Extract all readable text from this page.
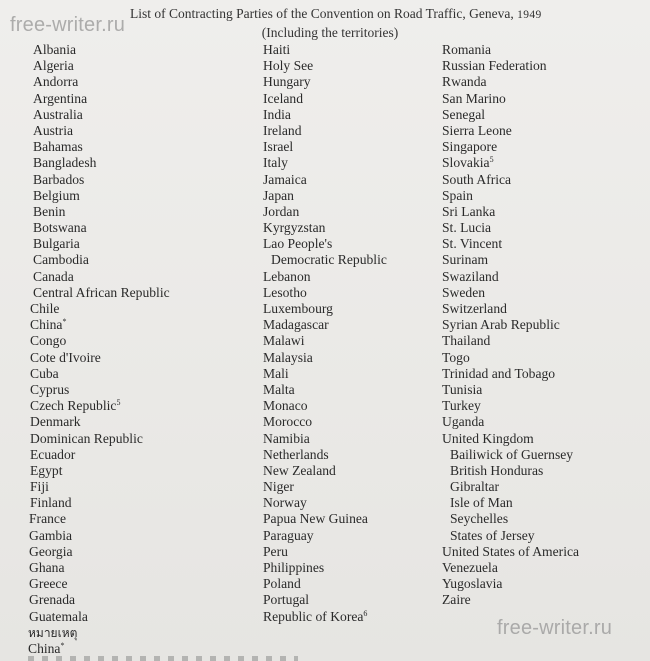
free-writer.ru
List of Contracting Parties of the Convention on Road Traffic, Geneva, 1949
(Including the territories)
Albania
Algeria
Andorra
Argentina
Australia
Austria
Bahamas
Bangladesh
Barbados
Belgium
Benin
Botswana
Bulgaria
Cambodia
Canada
Central African Republic
Chile
China*
Congo
Cote d'Ivoire
Cuba
Cyprus
Czech Republic$^5$
Denmark
Dominican Republic
Ecuador
Egypt
Fiji
Finland
France
Gambia
Georgia
Ghana
Greece
Grenada
Guatemala
หมายเหตุ
China*
Haiti
Holy See
Hungary
Iceland
India
Ireland
Israel
Italy
Jamaica
Japan
Jordan
Kyrgyzstan
Lao People's
Democratic Republic
Lebanon
Lesotho
Luxembourg
Madagascar
Malawi
Malaysia
Mali
Malta
Monaco
Morocco
Namibia
Netherlands
New Zealand
Niger
Norway
Papua New Guinea
Paraguay
Peru
Philippines
Poland
Portugal
Republic of Korea$^6$
Romania
Russian Federation
Rwanda
San Marino
Senegal
Sierra Leone
Singapore
Slovakia$^5$
South Africa
Spain
Sri Lanka
St. Lucia
St. Vincent
Surinam
Swaziland
Sweden
Switzerland
Syrian Arab Republic
Thailand
Togo
Trinidad and Tobago
Tunisia
Turkey
Uganda
United Kingdom
Bailiwick of Guernsey
British Honduras
Gibraltar
Isle of Man
Seychelles
States of Jersey
United States of America
Venezuela
Yugoslavia
Zaire
free-writer.ru
